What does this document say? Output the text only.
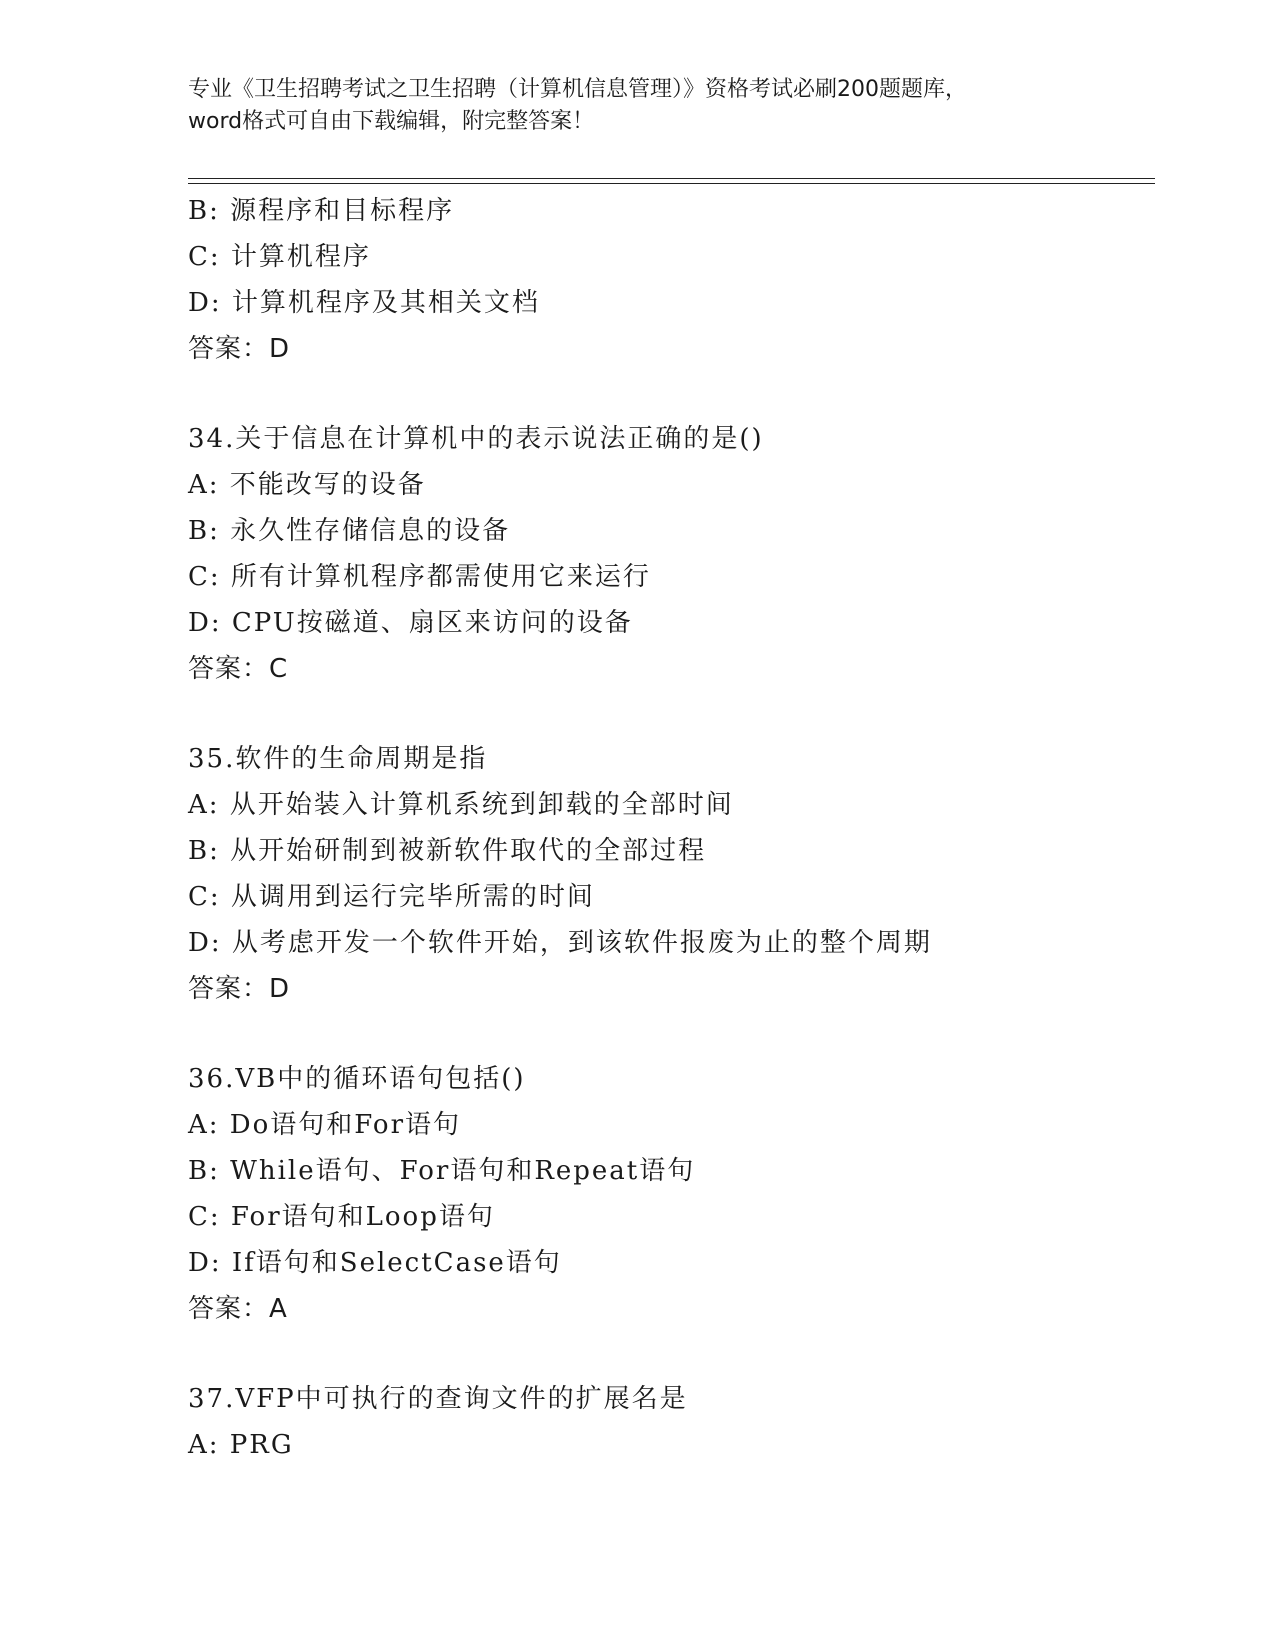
专业《卫生招聘考试之卫生招聘（计算机信息管理）》资格考试必刷200题题库，
word格式可自由下载编辑，附完整答案！
B: 源程序和目标程序
C: 计算机程序
D: 计算机程序及其相关文档
答案：D
34.关于信息在计算机中的表示说法正确的是()
A: 不能改写的设备
B: 永久性存储信息的设备
C: 所有计算机程序都需使用它来运行
D: CPU按磁道、扇区来访问的设备
答案：C
35.软件的生命周期是指
A: 从开始装入计算机系统到卸载的全部时间
B: 从开始研制到被新软件取代的全部过程
C: 从调用到运行完毕所需的时间
D: 从考虑开发一个软件开始，到该软件报废为止的整个周期
答案：D
36.VB中的循环语句包括()
A: Do语句和For语句
B: While语句、For语句和Repeat语句
C: For语句和Loop语句
D: If语句和SelectCase语句
答案：A
37.VFP中可执行的查询文件的扩展名是
A: PRG
